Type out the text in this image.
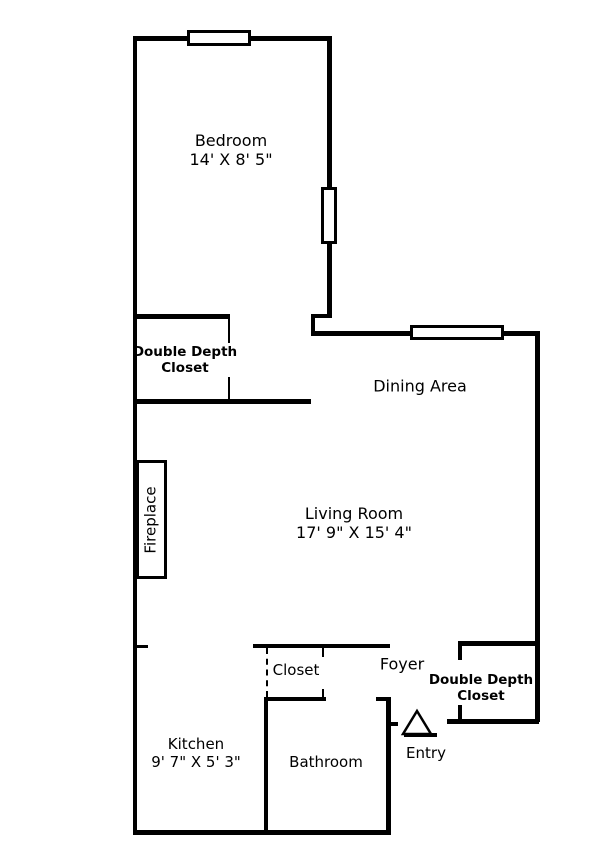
Bedroom
14' X 8' 5"
Double Depth
Closet
Dining Area
Living Room
17' 9" X 15' 4"
Fireplace
Closet	Foyer
Double Depth
Closet
Kitchen
9' 7" X 5' 3"	Bathroom	Entry
